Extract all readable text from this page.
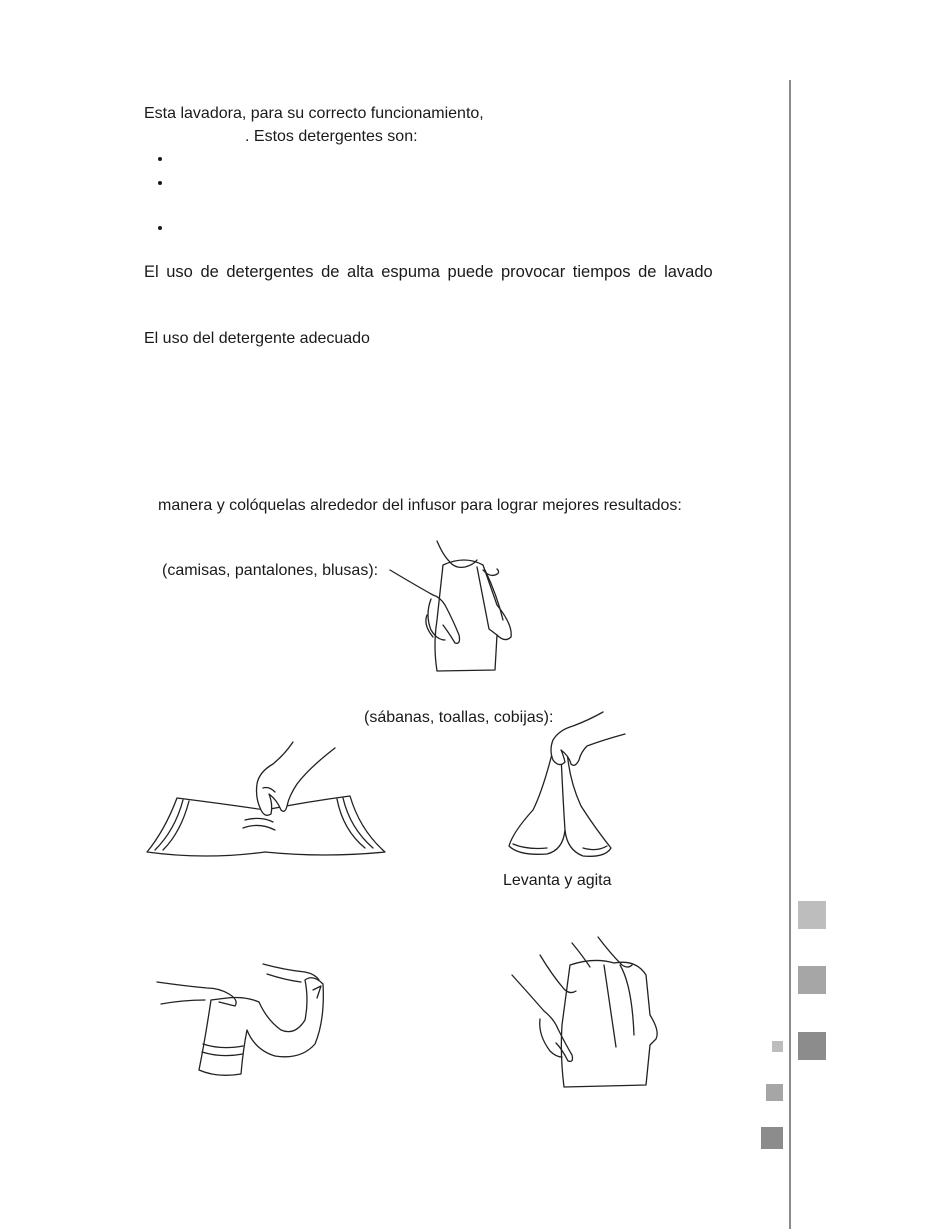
Esta lavadora, para su correcto funcionamiento,
. Estos detergentes son:
El uso de detergentes de alta espuma puede provocar tiempos de lavado
El uso del detergente adecuado
manera y colóquelas alrededor del infusor para lograr mejores resultados:
(camisas, pantalones, blusas):
(sábanas, toallas, cobijas):
Levanta y agita
